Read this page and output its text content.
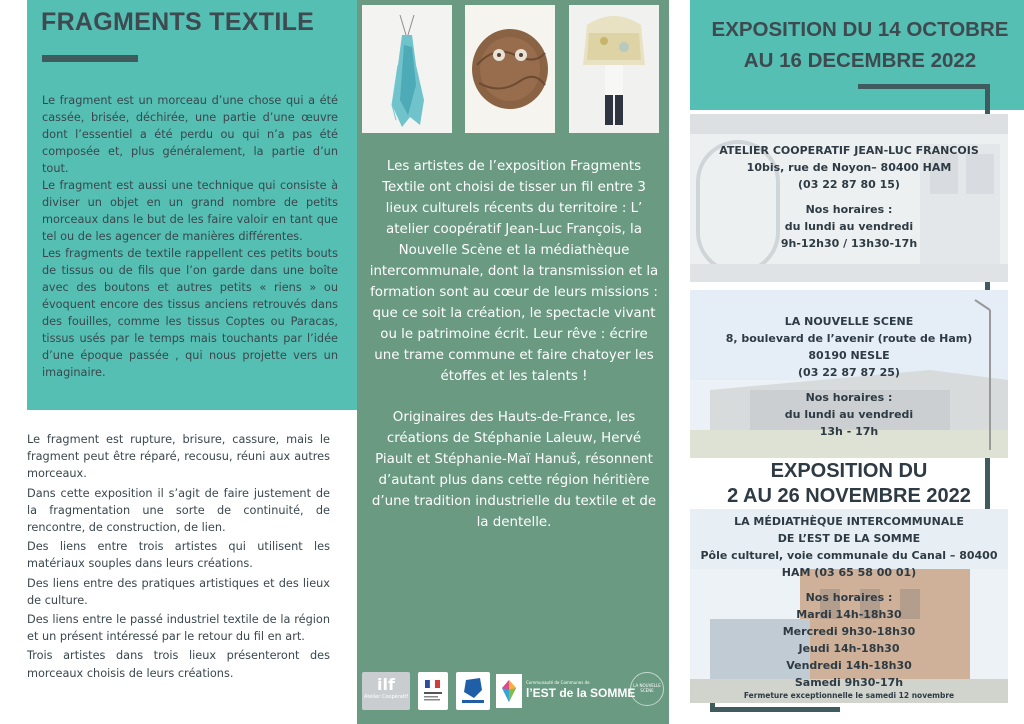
FRAGMENTS TEXTILE

Le fragment est un morceau d’une chose qui a été cassée, brisée, déchirée, une partie d’une œuvre dont l’essentiel a été perdu ou qui n’a pas été composée et, plus généralement, la partie d’un tout.

Le fragment est aussi une technique qui consiste à diviser un objet en un grand nombre de petits morceaux dans le but de les faire valoir en tant que tel ou de les agencer de manières différentes.

Les fragments de textile rappellent ces petits bouts de tissus ou de fils que l’on garde dans une boîte avec des boutons et autres petits « riens » ou évoquent encore des tissus anciens retrouvés dans des fouilles, comme les tissus Coptes ou Paracas, tissus usés par le temps mais touchants par l’idée d’une époque passée , qui nous projette vers un imaginaire.

Le fragment est rupture, brisure, cassure, mais le fragment peut être réparé, recousu, réuni aux autres morceaux.

Dans cette exposition il s’agit de faire justement de la fragmentation une sorte de continuité, de rencontre, de construction, de lien.

Des liens entre trois artistes qui utilisent les matériaux souples dans leurs créations.

Des liens entre des pratiques artistiques et des lieux de culture.

Des liens entre le passé industriel textile de la région et un présent intéressé par le retour du fil en art.

Trois artistes dans trois lieux présenteront des morceaux choisis de leurs créations.

Les artistes de l’exposition Fragments Textile ont choisi de tisser un fil entre 3 lieux culturels récents du territoire : L’ atelier coopératif Jean-Luc François, la Nouvelle Scène et la médiathèque intercommunale, dont la transmission et la formation sont au cœur de leurs missions : que ce soit la création, le spectacle vivant ou le patrimoine écrit. Leur rêve : écrire une trame commune et faire chatoyer les étoffes et les talents !

Originaires des Hauts-de-France, les créations de Stéphanie Laleuw, Hervé Piault et Stéphanie-Maï Hanuš, résonnent d’autant plus dans cette région héritière d’une tradition industrielle du textile et de la dentelle.

ilf
Atelier Coopératif
Communauté de Communes de
l’EST de la SOMME
LA NOUVELLE SCÈNE
EXPOSITION DU 14 OCTOBRE
AU 16 DECEMBRE 2022
ATELIER COOPERATIF JEAN-LUC FRANCOIS
10bis, rue de Noyon– 80400 HAM
(03 22 87 80 15)
Nos horaires :
du lundi au vendredi
9h-12h30 / 13h30-17h
LA NOUVELLE SCENE
8, boulevard de l’avenir (route de Ham)
80190 NESLE
(03 22 87 87 25)
Nos horaires :
du lundi au vendredi
13h - 17h
EXPOSITION DU
2 AU 26 NOVEMBRE 2022
LA MÉDIATHÈQUE INTERCOMMUNALE
DE L’EST DE LA SOMME
Pôle culturel, voie communale du Canal – 80400
HAM (03 65 58 00 01)
Nos horaires :
Mardi 14h-18h30
Mercredi 9h30-18h30
Jeudi 14h-18h30
Vendredi 14h-18h30
Samedi 9h30-17h
Fermeture exceptionnelle le samedi 12 novembre
